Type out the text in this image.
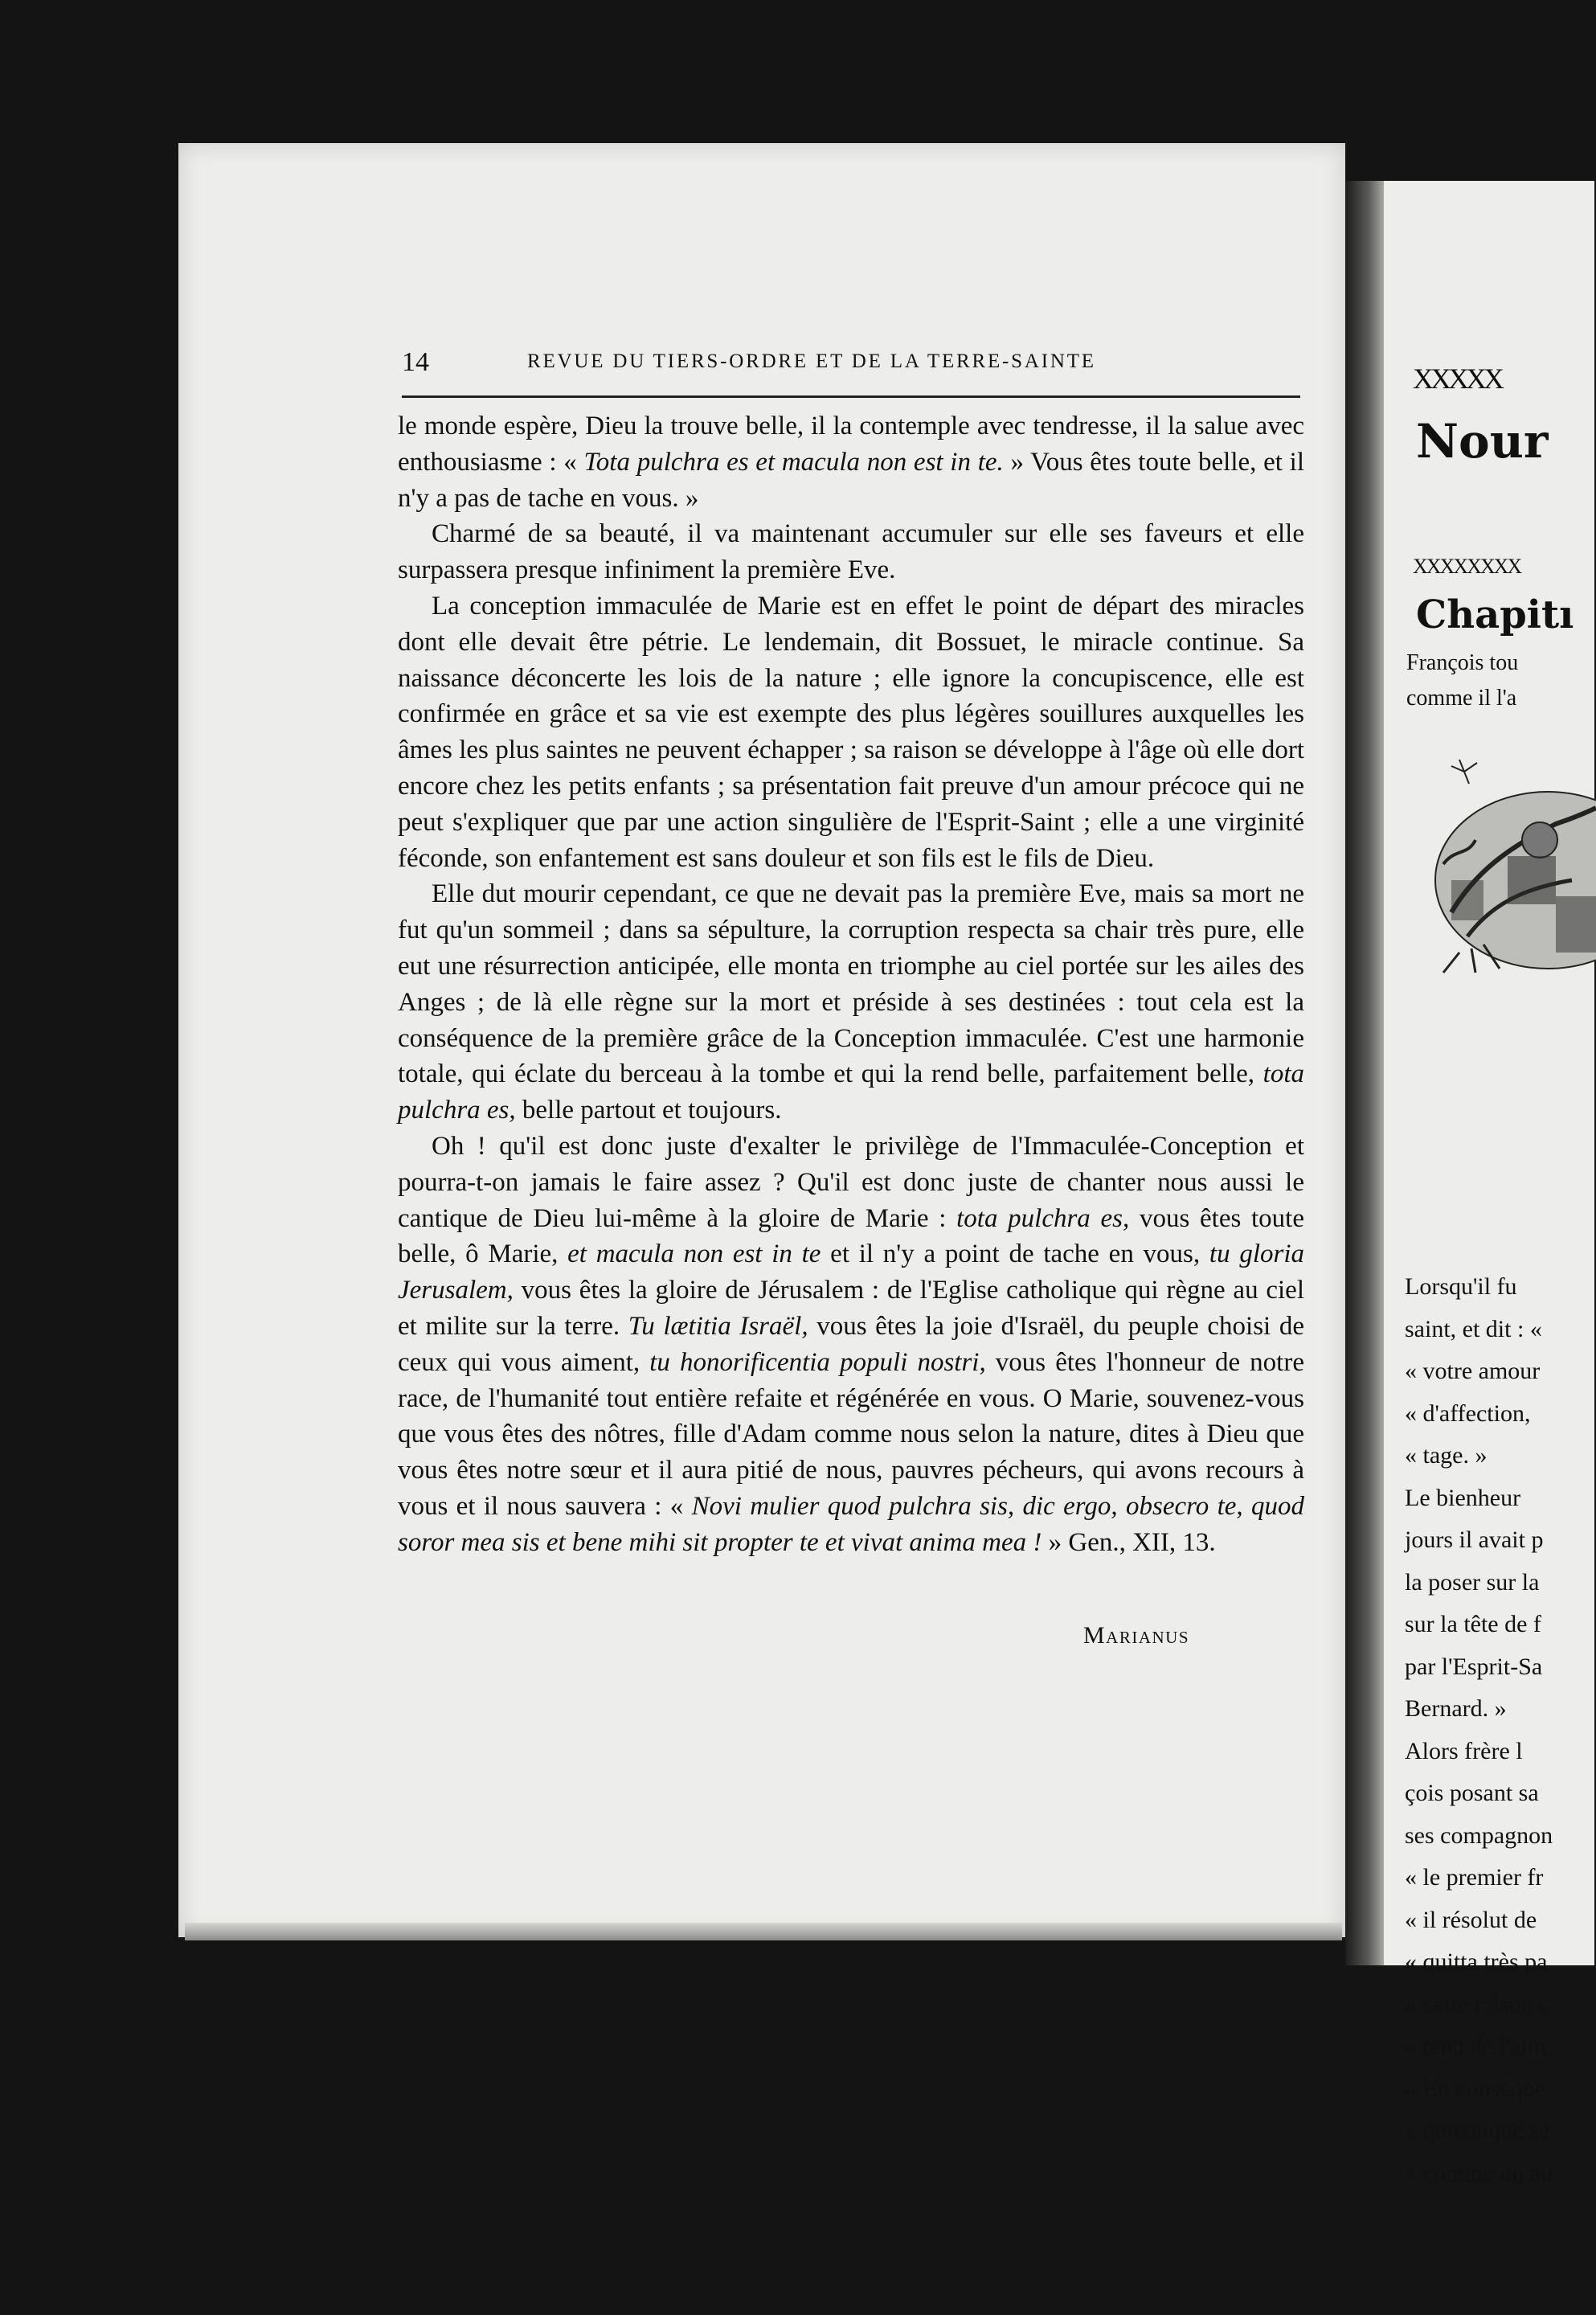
14	REVUE DU TIERS-ORDRE ET DE LA TERRE-SAINTE

le monde espère, Dieu la trouve belle, il la contemple avec tendresse, il la salue avec enthousiasme : « Tota pulchra es et macula non est in te. » Vous êtes toute belle, et il n'y a pas de tache en vous. »

Charmé de sa beauté, il va maintenant accumuler sur elle ses faveurs et elle surpassera presque infiniment la première Eve.

La conception immaculée de Marie est en effet le point de départ des miracles dont elle devait être pétrie. Le lendemain, dit Bossuet, le miracle continue. Sa naissance déconcerte les lois de la nature ; elle ignore la concupiscence, elle est confirmée en grâce et sa vie est exempte des plus légères souillures auxquelles les âmes les plus saintes ne peuvent échapper ; sa raison se développe à l'âge où elle dort encore chez les petits enfants ; sa présentation fait preuve d'un amour précoce qui ne peut s'expliquer que par une action singulière de l'Esprit-Saint ; elle a une virginité féconde, son enfantement est sans douleur et son fils est le fils de Dieu.

Elle dut mourir cependant, ce que ne devait pas la première Eve, mais sa mort ne fut qu'un sommeil ; dans sa sépulture, la corruption respecta sa chair très pure, elle eut une résurrection anticipée, elle monta en triomphe au ciel portée sur les ailes des Anges ; de là elle règne sur la mort et préside à ses destinées : tout cela est la conséquence de la première grâce de la Conception immaculée. C'est une harmonie totale, qui éclate du berceau à la tombe et qui la rend belle, parfaitement belle, tota pulchra es, belle partout et toujours.

Oh ! qu'il est donc juste d'exalter le privilège de l'Immaculée-Conception et pourra-t-on jamais le faire assez ? Qu'il est donc juste de chanter nous aussi le cantique de Dieu lui-même à la gloire de Marie : tota pulchra es, vous êtes toute belle, ô Marie, et macula non est in te et il n'y a point de tache en vous, tu gloria Jerusalem, vous êtes la gloire de Jérusalem : de l'Eglise catholique qui règne au ciel et milite sur la terre. Tu lætitia Israël, vous êtes la joie d'Israël, du peuple choisi de ceux qui vous aiment, tu honorificentia populi nostri, vous êtes l'honneur de notre race, de l'humanité tout entière refaite et régénérée en vous. O Marie, souvenez-vous que vous êtes des nôtres, fille d'Adam comme nous selon la nature, dites à Dieu que vous êtes notre sœur et il aura pitié de nous, pauvres pécheurs, qui avons recours à vous et il nous sauvera : « Novi mulier quod pulchra sis, dic ergo, obsecro te, quod soror mea sis et bene mihi sit propter te et vivat anima mea ! » Gen., XII, 13.

Marianus
XXXXX
Nour
XXXXXXXX
Chapitı
François tou
comme il l'a
Lorsqu'il fu
saint, et dit : «
« votre amour
« d'affection,
« tage. »
Le bienheur
jours il avait p
la poser sur la
sur la tête de f
par l'Esprit-Sa
Bernard. »
Alors frère l
çois posant sa
ses compagnon
« le premier fr
« il résolut de
« quitta très pa
« cette raison c
« tenu de l'aim
« En conséque
« quiconque se
« comme un au
